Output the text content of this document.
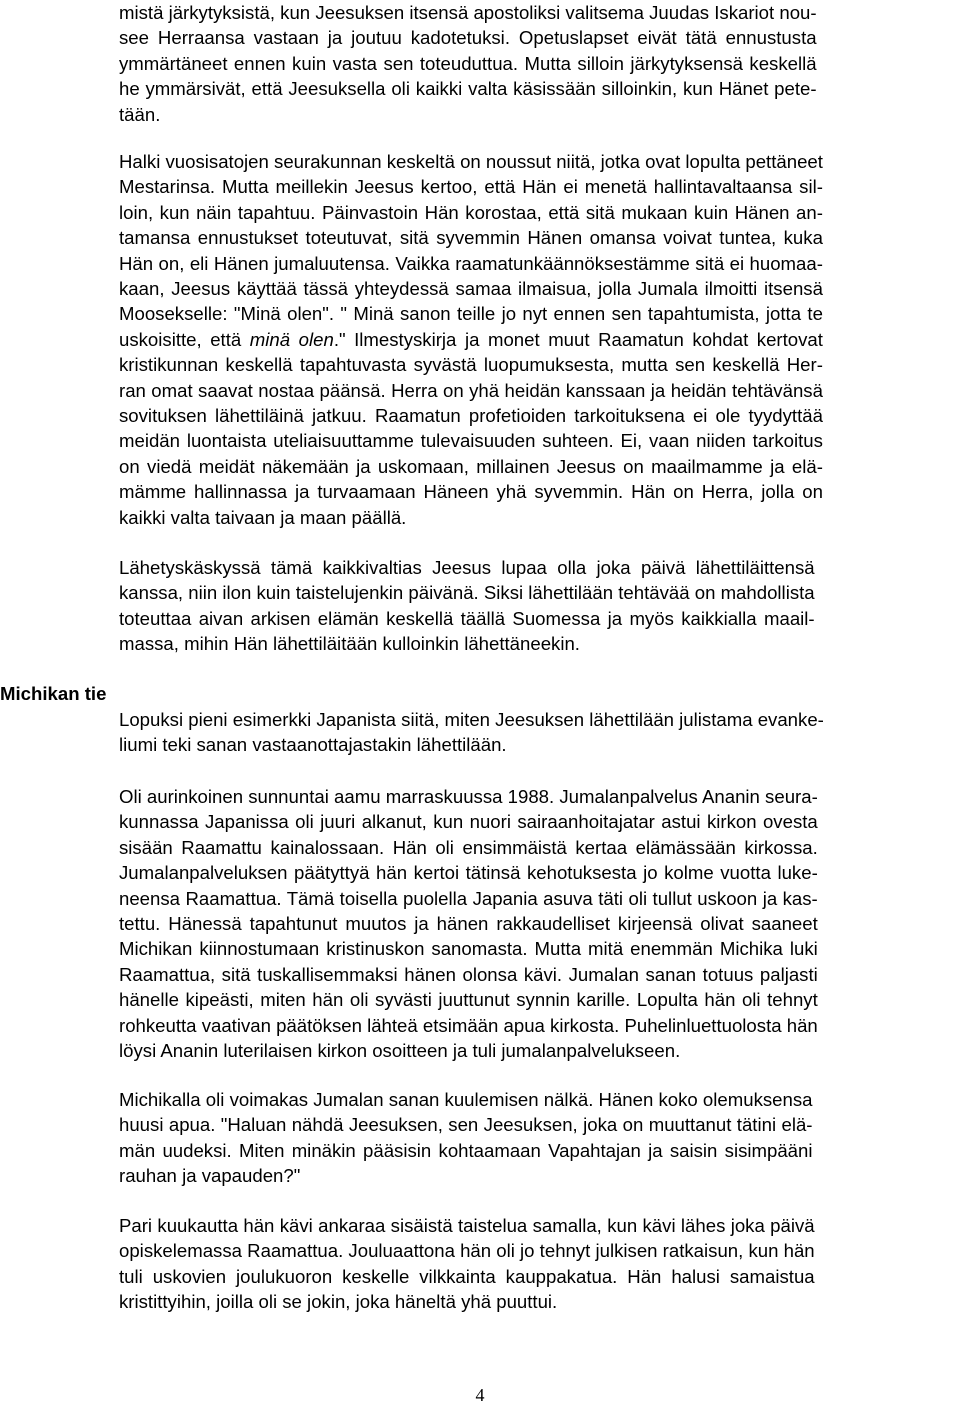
Michikan tie

mistä järkytyksistä, kun Jeesuksen itsensä apostoliksi valitsema Juudas Iskariot nou-
see Herraansa vastaan ja joutuu kadotetuksi. Opetuslapset eivät tätä ennustusta
ymmärtäneet ennen kuin vasta sen toteuduttua. Mutta silloin järkytyksensä keskellä
he ymmärsivät, että Jeesuksella oli kaikki valta käsissään silloinkin, kun Hänet pete-
tään.

Halki vuosisatojen seurakunnan keskeltä on noussut niitä, jotka ovat lopulta pettäneet
Mestarinsa. Mutta meillekin Jeesus kertoo, että Hän ei menetä hallintavaltaansa sil-
loin, kun näin tapahtuu. Päinvastoin Hän korostaa, että sitä mukaan kuin Hänen an-
tamansa ennustukset toteutuvat, sitä syvemmin Hänen omansa voivat tuntea, kuka
Hän on, eli Hänen jumaluutensa. Vaikka raamatunkäännöksestämme sitä ei huomaa-
kaan, Jeesus käyttää tässä yhteydessä samaa ilmaisua, jolla Jumala ilmoitti itsensä
Moosekselle: "Minä olen". " Minä sanon teille jo nyt ennen sen tapahtumista, jotta te
uskoisitte, että minä olen." Ilmestyskirja ja monet muut Raamatun kohdat kertovat
kristikunnan keskellä tapahtuvasta syvästä luopumuksesta, mutta sen keskellä Her-
ran omat saavat nostaa päänsä. Herra on yhä heidän kanssaan ja heidän tehtävänsä
sovituksen lähettiläinä jatkuu. Raamatun profetioiden tarkoituksena ei ole tyydyttää
meidän luontaista uteliaisuuttamme tulevaisuuden suhteen. Ei, vaan niiden tarkoitus
on viedä meidät näkemään ja uskomaan, millainen Jeesus on maailmamme ja elä-
mämme hallinnassa ja turvaamaan Häneen yhä syvemmin. Hän on Herra, jolla on
kaikki valta taivaan ja maan päällä.

Lähetyskäskyssä tämä kaikkivaltias Jeesus lupaa olla joka päivä lähettiläittensä
kanssa, niin ilon kuin taistelujenkin päivänä. Siksi lähettilään tehtävää on mahdollista
toteuttaa aivan arkisen elämän keskellä täällä Suomessa ja myös kaikkialla maail-
massa, mihin Hän lähettiläitään kulloinkin lähettäneekin.

Lopuksi pieni esimerkki Japanista siitä, miten Jeesuksen lähettilään julistama evanke-
liumi teki sanan vastaanottajastakin lähettilään.

Oli aurinkoinen sunnuntai aamu marraskuussa 1988. Jumalanpalvelus Ananin seura-
kunnassa Japanissa oli juuri alkanut, kun nuori sairaanhoitajatar astui kirkon ovesta
sisään Raamattu kainalossaan. Hän oli ensimmäistä kertaa elämässään kirkossa.
Jumalanpalveluksen päätyttyä hän kertoi tätinsä kehotuksesta jo kolme vuotta luke-
neensa Raamattua. Tämä toisella puolella Japania asuva täti oli tullut uskoon ja kas-
tettu. Hänessä tapahtunut muutos ja hänen rakkaudelliset kirjeensä olivat saaneet
Michikan kiinnostumaan kristinuskon sanomasta. Mutta mitä enemmän Michika luki
Raamattua, sitä tuskallisemmaksi hänen olonsa kävi. Jumalan sanan totuus paljasti
hänelle kipeästi, miten hän oli syvästi juuttunut synnin karille. Lopulta hän oli tehnyt
rohkeutta vaativan päätöksen lähteä etsimään apua kirkosta. Puhelinluettuolosta hän
löysi Ananin luterilaisen kirkon osoitteen ja tuli jumalanpalvelukseen.

Michikalla oli voimakas Jumalan sanan kuulemisen nälkä. Hänen koko olemuksensa
huusi apua. "Haluan nähdä Jeesuksen, sen Jeesuksen, joka on muuttanut tätini elä-
män uudeksi. Miten minäkin pääsisin kohtaamaan Vapahtajan ja saisin sisimpääni
rauhan ja vapauden?"

Pari kuukautta hän kävi ankaraa sisäistä taistelua samalla, kun kävi lähes joka päivä
opiskelemassa Raamattua. Jouluaattona hän oli jo tehnyt julkisen ratkaisun, kun hän
tuli uskovien joulukuoron keskelle vilkkainta kauppakatua. Hän halusi samaistua
kristittyihin, joilla oli se jokin, joka häneltä yhä puuttui.

4
